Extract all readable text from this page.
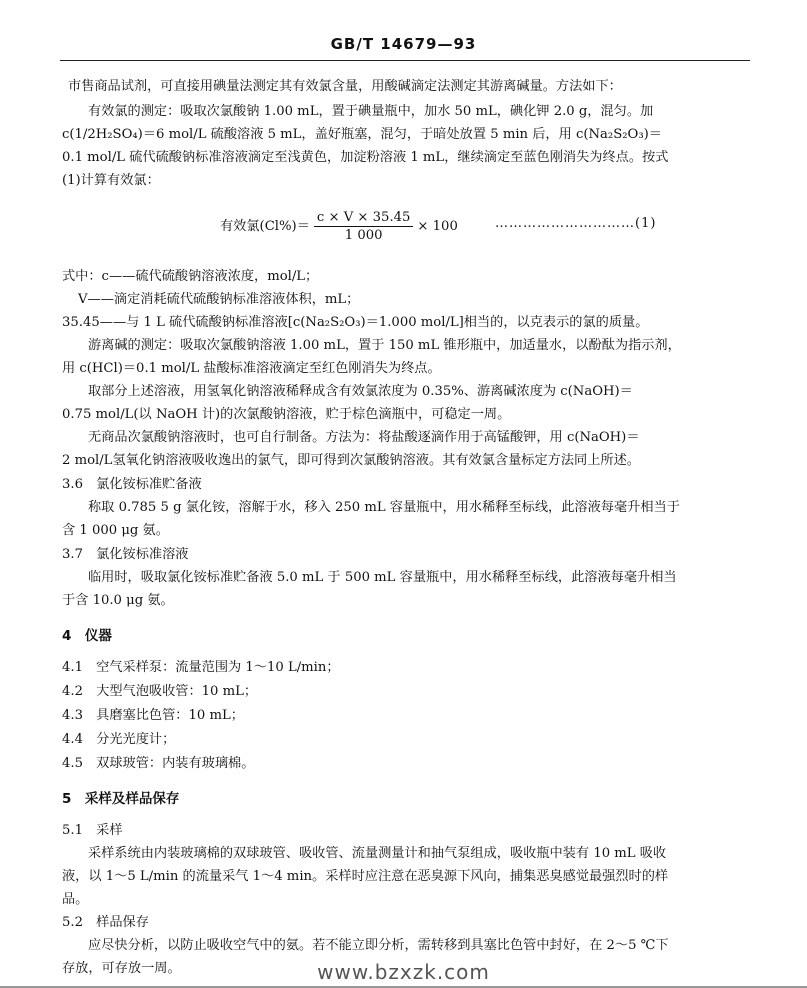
GB/T 14679—93
市售商品试剂，可直接用碘量法测定其有效氯含量，用酸碱滴定法测定其游离碱量。方法如下：
有效氯的测定：吸取次氯酸钠 1.00 mL，置于碘量瓶中，加水 50 mL，碘化钾 2.0 g，混匀。加
c(1/2H₂SO₄)＝6 mol/L 硫酸溶液 5 mL，盖好瓶塞，混匀，于暗处放置 5 min 后，用 c(Na₂S₂O₃)＝
0.1 mol/L 硫代硫酸钠标准溶液滴定至浅黄色，加淀粉溶液 1 mL，继续滴定至蓝色刚消失为终点。按式
(1)计算有效氯：
式中：c——硫代硫酸钠溶液浓度，mol/L；
V——滴定消耗硫代硫酸钠标准溶液体积，mL；
35.45——与 1 L 硫代硫酸钠标准溶液[c(Na₂S₂O₃)＝1.000 mol/L]相当的，以克表示的氯的质量。
游离碱的测定：吸取次氯酸钠溶液 1.00 mL，置于 150 mL 锥形瓶中，加适量水，以酚酞为指示剂，
用 c(HCl)＝0.1 mol/L 盐酸标准溶液滴定至红色刚消失为终点。
取部分上述溶液，用氢氧化钠溶液稀释成含有效氯浓度为 0.35%、游离碱浓度为 c(NaOH)＝
0.75 mol/L(以 NaOH 计)的次氯酸钠溶液，贮于棕色滴瓶中，可稳定一周。
无商品次氯酸钠溶液时，也可自行制备。方法为：将盐酸逐滴作用于高锰酸钾，用 c(NaOH)＝
2 mol/L氢氧化钠溶液吸收逸出的氯气，即可得到次氯酸钠溶液。其有效氯含量标定方法同上所述。
3.6　氯化铵标准贮备液
称取 0.785 5 g 氯化铵，溶解于水，移入 250 mL 容量瓶中，用水稀释至标线，此溶液每毫升相当于
含 1 000 μg 氨。
3.7　氯化铵标准溶液
临用时，吸取氯化铵标准贮备液 5.0 mL 于 500 mL 容量瓶中，用水稀释至标线，此溶液每毫升相当
于含 10.0 μg 氨。
4　仪器
4.1　空气采样泵：流量范围为 1～10 L/min；
4.2　大型气泡吸收管：10 mL；
4.3　具磨塞比色管：10 mL；
4.4　分光光度计；
4.5　双球玻管：内装有玻璃棉。
5　采样及样品保存
5.1　采样
采样系统由内装玻璃棉的双球玻管、吸收管、流量测量计和抽气泵组成，吸收瓶中装有 10 mL 吸收
液，以 1～5 L/min 的流量采气 1～4 min。采样时应注意在恶臭源下风向，捕集恶臭感觉最强烈时的样
品。
5.2　样品保存
应尽快分析，以防止吸收空气中的氨。若不能立即分析，需转移到具塞比色管中封好，在 2～5 ℃下
存放，可存放一周。
有效氯$(Cl\%)= \frac{c \times V \times 35.45}{1 000} \times 100$	…………………………(1)
www.bzxzk.com
